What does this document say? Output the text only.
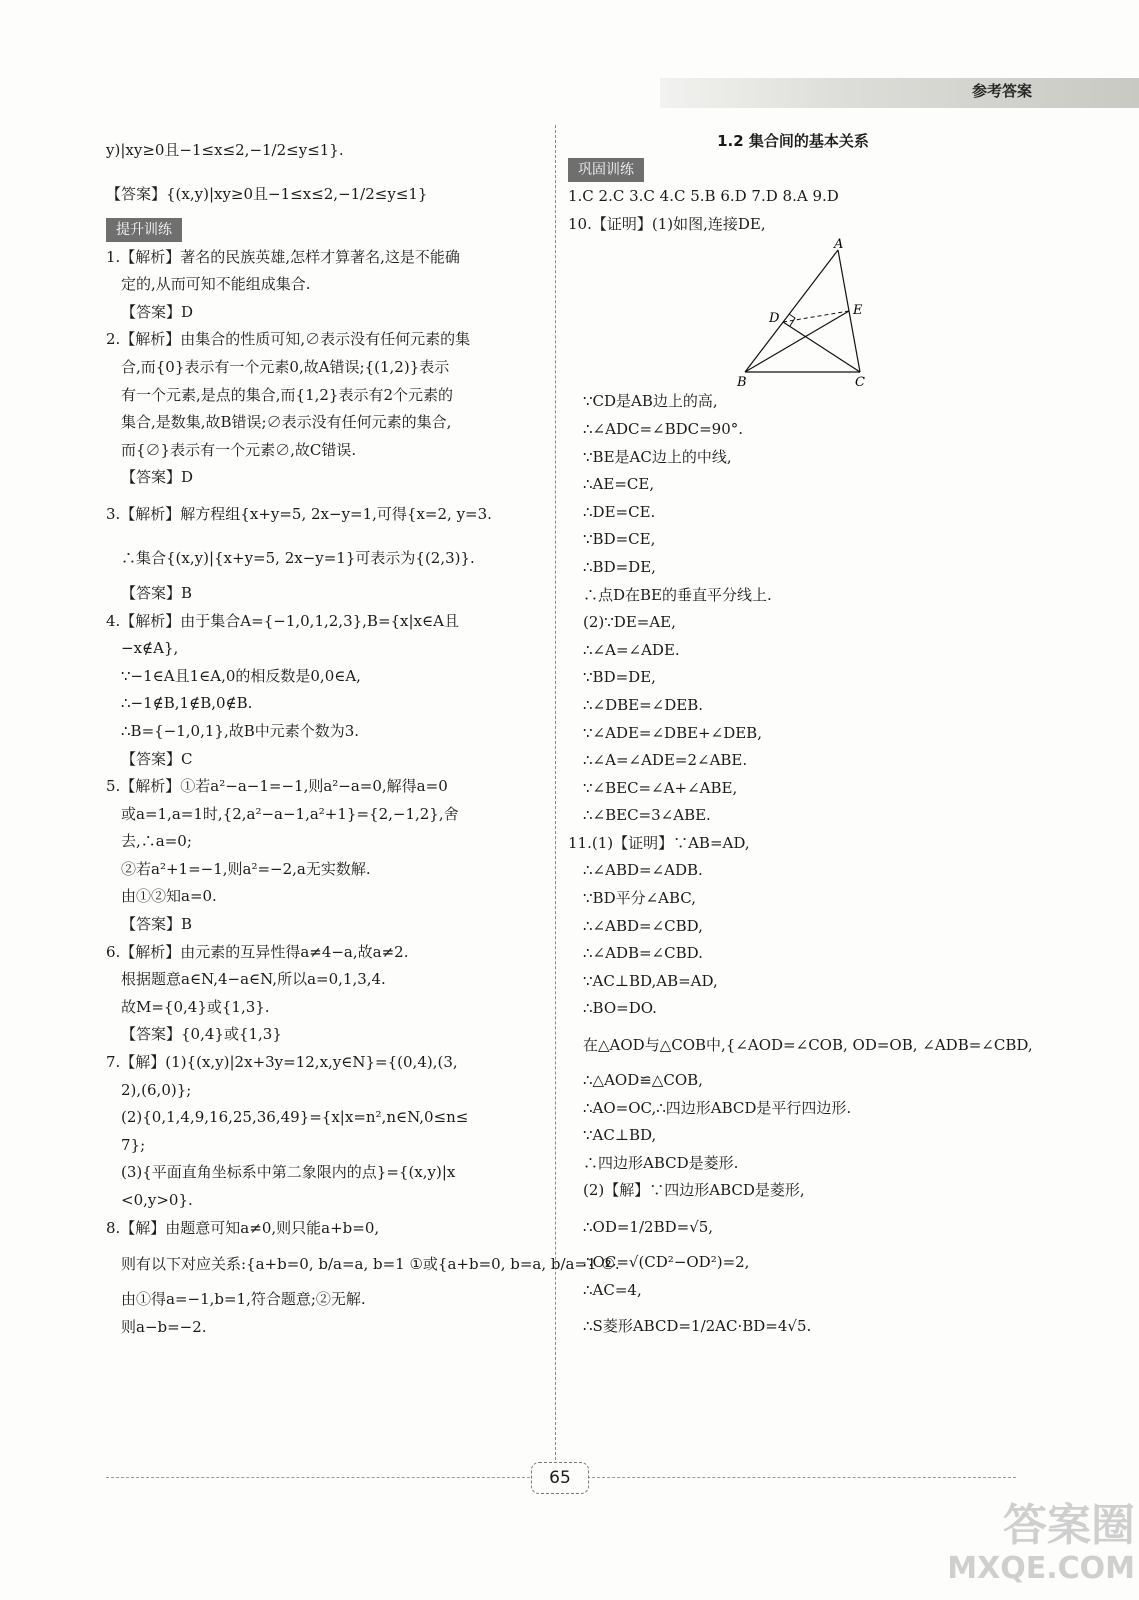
参考答案
y)|xy≥0且−1≤x≤2,−1/2≤y≤1}.
【答案】{(x,y)|xy≥0且−1≤x≤2,−1/2≤y≤1}
提升训练
1.【解析】著名的民族英雄,怎样才算著名,这是不能确
定的,从而可知不能组成集合.
【答案】D
2.【解析】由集合的性质可知,∅表示没有任何元素的集
合,而{0}表示有一个元素0,故A错误;{(1,2)}表示
有一个元素,是点的集合,而{1,2}表示有2个元素的
集合,是数集,故B错误;∅表示没有任何元素的集合,
而{∅}表示有一个元素∅,故C错误.
【答案】D
3.【解析】解方程组{x+y=5, 2x−y=1,可得{x=2, y=3.
∴集合{(x,y)|{x+y=5, 2x−y=1}可表示为{(2,3)}.
【答案】B
4.【解析】由于集合A={−1,0,1,2,3},B={x|x∈A且
−x∉A},
∵−1∈A且1∈A,0的相反数是0,0∈A,
∴−1∉B,1∉B,0∉B.
∴B={−1,0,1},故B中元素个数为3.
【答案】C
5.【解析】①若a²−a−1=−1,则a²−a=0,解得a=0
或a=1,a=1时,{2,a²−a−1,a²+1}={2,−1,2},舍
去,∴a=0;
②若a²+1=−1,则a²=−2,a无实数解.
由①②知a=0.
【答案】B
6.【解析】由元素的互异性得a≠4−a,故a≠2.
根据题意a∈N,4−a∈N,所以a=0,1,3,4.
故M={0,4}或{1,3}.
【答案】{0,4}或{1,3}
7.【解】(1){(x,y)|2x+3y=12,x,y∈N}={(0,4),(3,
2),(6,0)};
(2){0,1,4,9,16,25,36,49}={x|x=n²,n∈N,0≤n≤
7};
(3){平面直角坐标系中第二象限内的点}={(x,y)|x
<0,y>0}.
8.【解】由题意可知a≠0,则只能a+b=0,
则有以下对应关系:{a+b=0, b/a=a, b=1 ①或{a+b=0, b=a, b/a=1 ②.
由①得a=−1,b=1,符合题意;②无解.
则a−b=−2.
1.2 集合间的基本关系
巩固训练
1.C 2.C 3.C 4.C 5.B 6.D 7.D 8.A 9.D
10.【证明】(1)如图,连接DE,
A
B	C
D
E
∵CD是AB边上的高,
∴∠ADC=∠BDC=90°.
∵BE是AC边上的中线,
∴AE=CE,
∴DE=CE.
∵BD=CE,
∴BD=DE,
∴点D在BE的垂直平分线上.
(2)∵DE=AE,
∴∠A=∠ADE.
∵BD=DE,
∴∠DBE=∠DEB.
∵∠ADE=∠DBE+∠DEB,
∴∠A=∠ADE=2∠ABE.
∵∠BEC=∠A+∠ABE,
∴∠BEC=3∠ABE.
11.(1)【证明】∵AB=AD,
∴∠ABD=∠ADB.
∵BD平分∠ABC,
∴∠ABD=∠CBD,
∴∠ADB=∠CBD.
∵AC⊥BD,AB=AD,
∴BO=DO.
在△AOD与△COB中,{∠AOD=∠COB, OD=OB, ∠ADB=∠CBD,
∴△AOD≌△COB,
∴AO=OC,∴四边形ABCD是平行四边形.
∵AC⊥BD,
∴四边形ABCD是菱形.
(2)【解】∵四边形ABCD是菱形,
∴OD=1/2BD=√5,
∴OC=√(CD²−OD²)=2,
∴AC=4,
∴S菱形ABCD=1/2AC·BD=4√5.
65
答案圈
MXQE.COM
